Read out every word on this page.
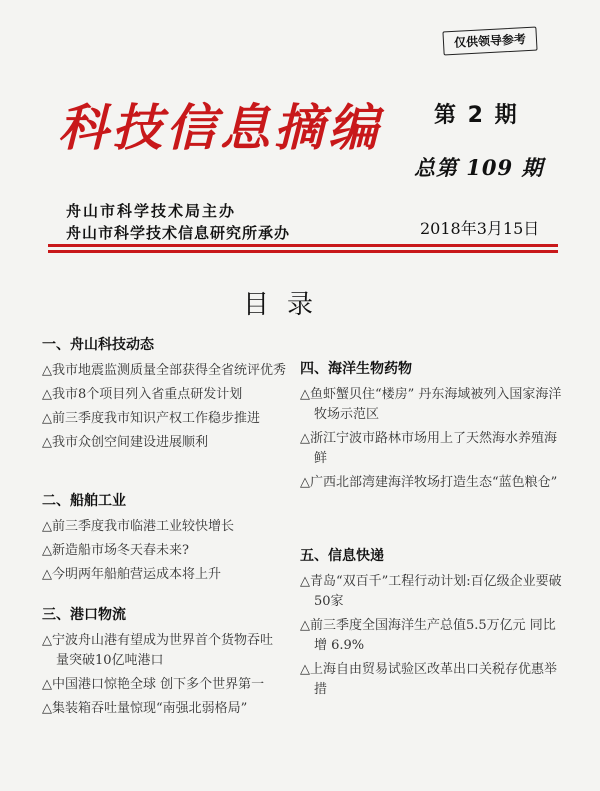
仅供领导参考
科技信息摘编 第 2 期
总第 109 期
舟山市科学技术局主办
舟山市科学技术信息研究所承办	2018年3月15日
目录
一、舟山科技动态
△我市地震监测质量全部获得全省统评优秀
△我市8个项目列入省重点研发计划
△前三季度我市知识产权工作稳步推进
△我市众创空间建设进展顺利
二、船舶工业
△前三季度我市临港工业较快增长
△新造船市场冬天春未来?
△今明两年船舶营运成本将上升
三、港口物流
△宁波舟山港有望成为世界首个货物吞吐量突破10亿吨港口
△中国港口惊艳全球 创下多个世界第一
△集装箱吞吐量惊现“南强北弱格局”
四、海洋生物药物
△鱼虾蟹贝住“楼房” 丹东海域被列入国家海洋牧场示范区
△浙江宁波市路林市场用上了天然海水养殖海鲜
△广西北部湾建海洋牧场打造生态“蓝色粮仓”
五、信息快递
△青岛“双百千”工程行动计划:百亿级企业要破50家
△前三季度全国海洋生产总值5.5万亿元 同比增 6.9%
△上海自由贸易试验区改革出口关税存优惠举措
